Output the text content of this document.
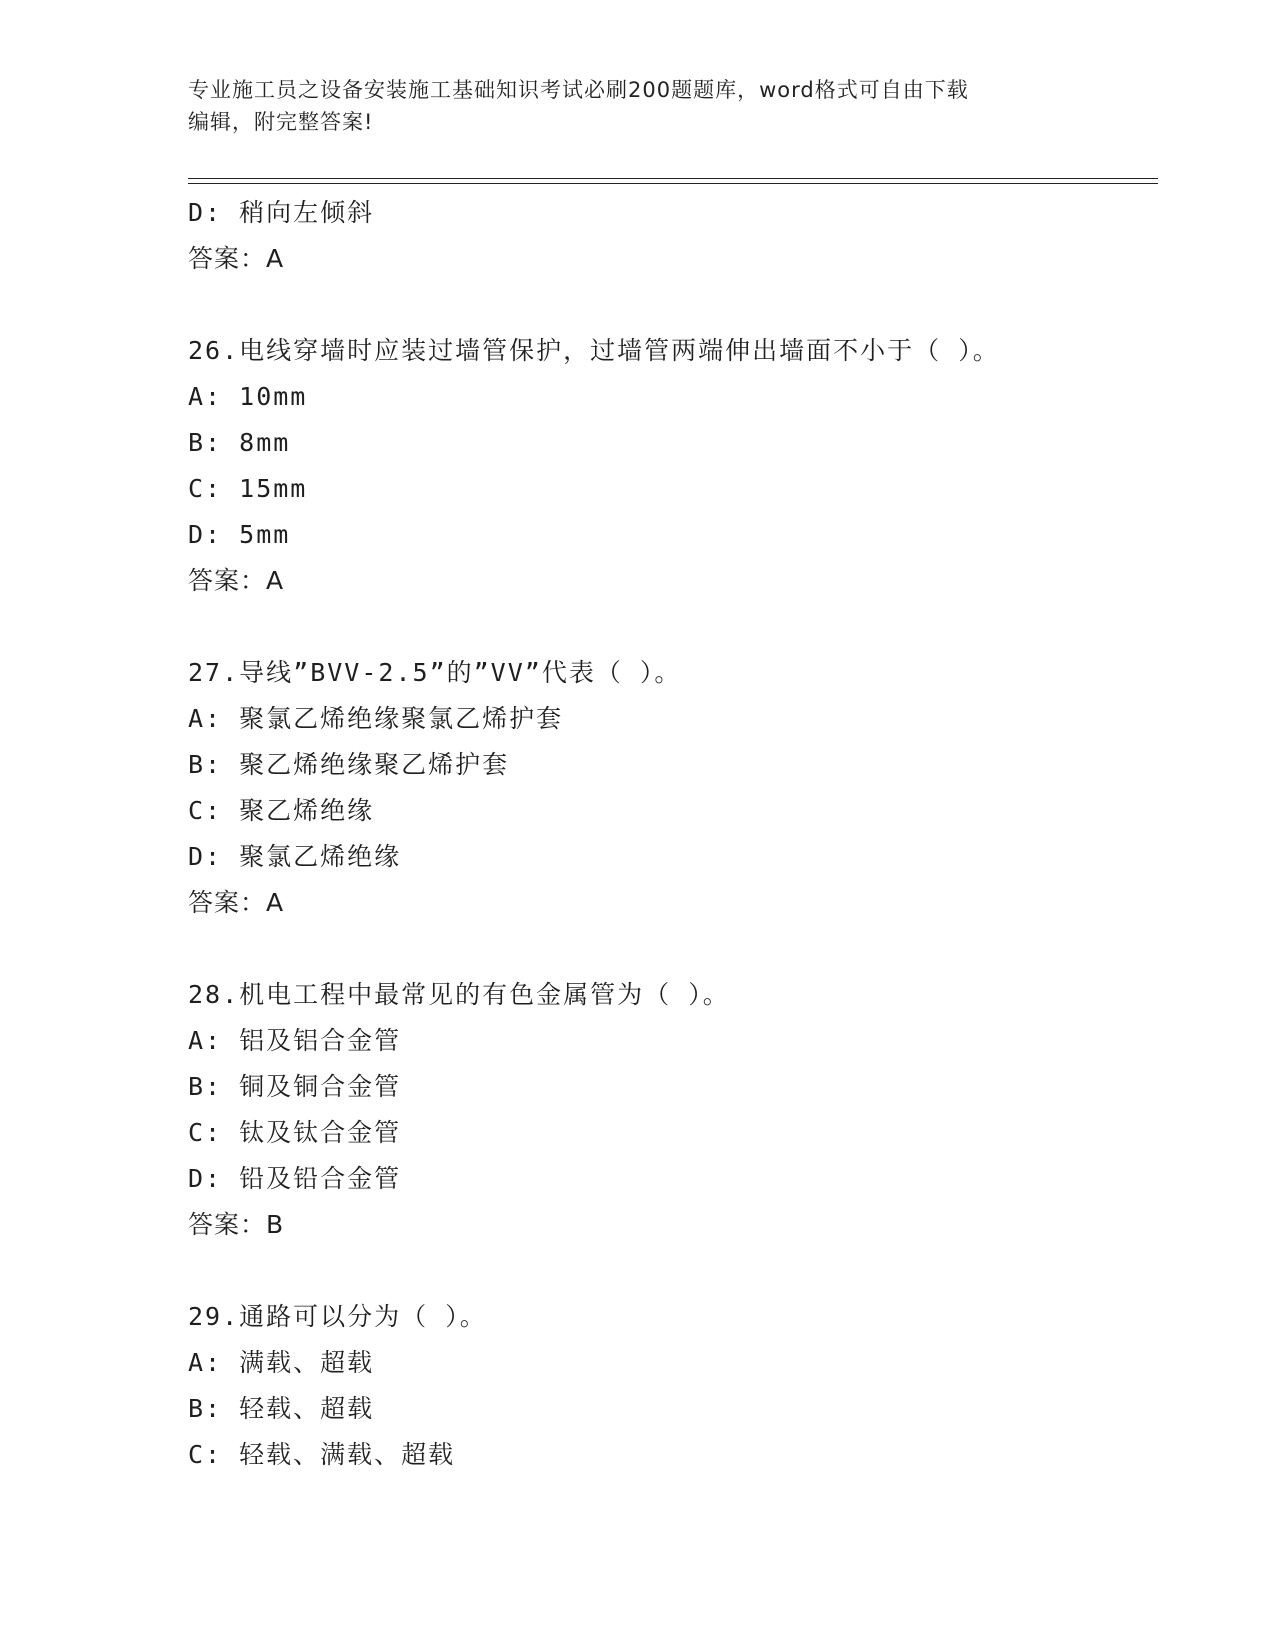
专业施工员之设备安装施工基础知识考试必刷200题题库，word格式可自由下载
编辑，附完整答案!
D: 稍向左倾斜
答案：A
26.电线穿墙时应装过墙管保护，过墙管两端伸出墙面不小于（ ）。
A: 10mm
B: 8mm
C: 15mm
D: 5mm
答案：A
27.导线”BVV-2.5”的”VV”代表（ ）。
A: 聚氯乙烯绝缘聚氯乙烯护套
B: 聚乙烯绝缘聚乙烯护套
C: 聚乙烯绝缘
D: 聚氯乙烯绝缘
答案：A
28.机电工程中最常见的有色金属管为（ ）。
A: 铝及铝合金管
B: 铜及铜合金管
C: 钛及钛合金管
D: 铅及铅合金管
答案：B
29.通路可以分为（ ）。
A: 满载、超载
B: 轻载、超载
C: 轻载、满载、超载
